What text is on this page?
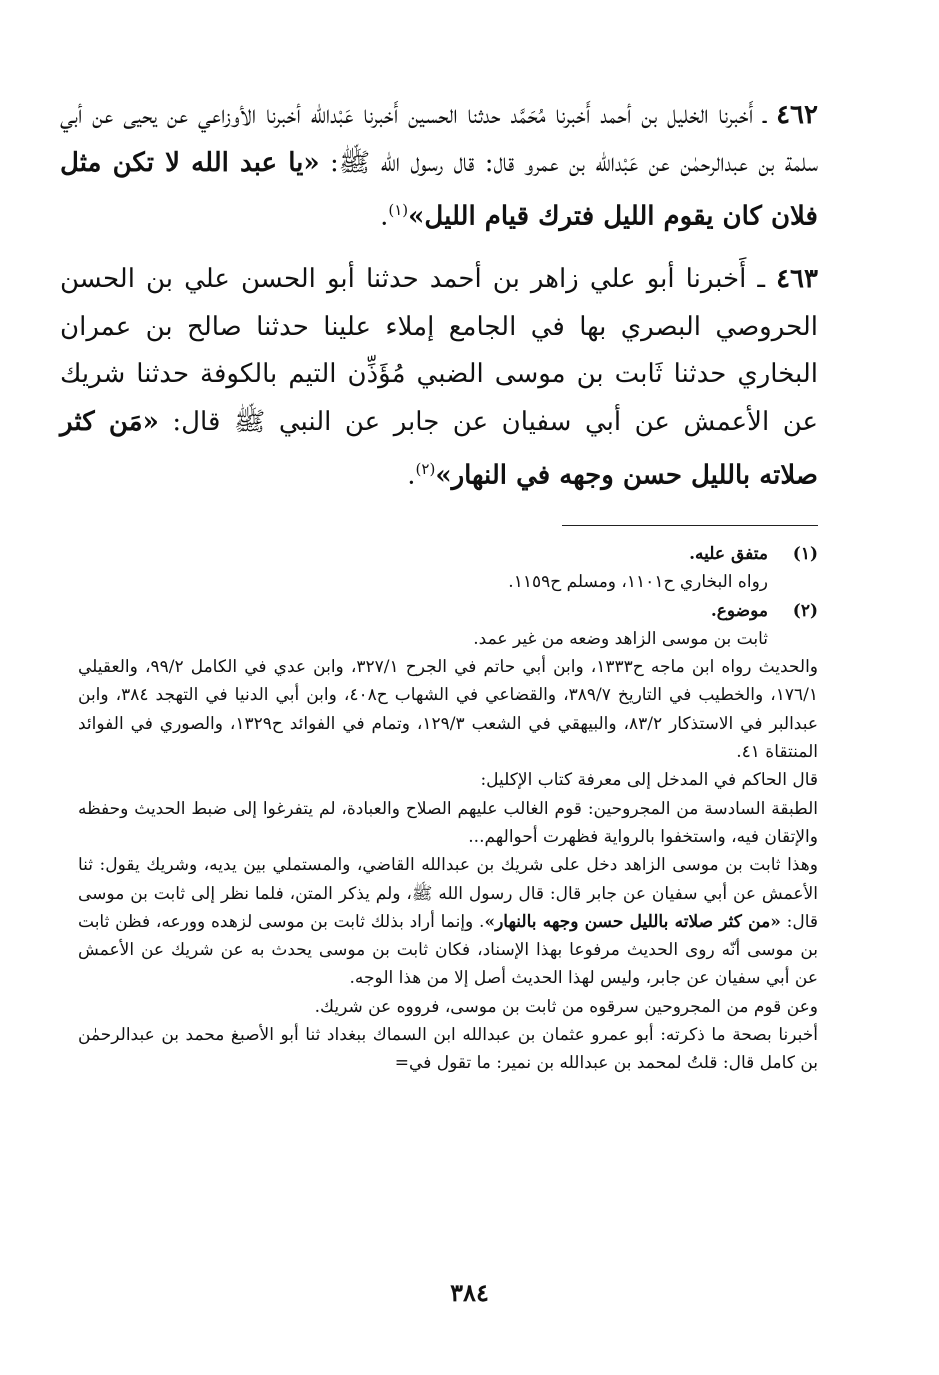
٤٦٢ ـ أَخبرنا الخليل بن أحمد أَخبرنا مُحَمَّد حدثنا الحسين أَخبرنا عَبْدالله أخبرنا الأوزاعي عن يحيى عن أبي سلمة بن عبدالرحمٰن عن عَبْدالله بن عمرو قال: قال رسول الله ﷺ: «يا عبد الله لا تكن مثل فلان كان يقوم الليل فترك قيام الليل»$^{(١)}$.

٤٦٣ ـ أَخبرنا أبو علي زاهر بن أحمد حدثنا أبو الحسن علي بن الحسن الحروصي البصري بها في الجامع إملاء علينا حدثنا صالح بن عمران البخاري حدثنا ثَابت بن موسى الضبي مُؤَذِّن التيم بالكوفة حدثنا شريك عن الأعمش عن أبي سفيان عن جابر عن النبي ﷺ قال: «مَن كثر صلاته بالليل حسن وجهه في النهار»$^{(٢)}$.

(١)متفق عليه.
رواه البخاري ح١١٠١، ومسلم ح١١٥٩.
(٢)موضوع.
ثابت بن موسى الزاهد وضعه من غير عمد.
والحديث رواه ابن ماجه ح١٣٣٣، وابن أبي حاتم في الجرح ٣٢٧/١، وابن عدي في الكامل ٩٩/٢، والعقيلي ١٧٦/١، والخطيب في التاريخ ٣٨٩/٧، والقضاعي في الشهاب ح٤٠٨، وابن أبي الدنيا في التهجد ٣٨٤، وابن عبدالبر في الاستذكار ٨٣/٢، والبيهقي في الشعب ١٢٩/٣، وتمام في الفوائد ح١٣٢٩، والصوري في الفوائد المنتقاة ٤١.
قال الحاكم في المدخل إلى معرفة كتاب الإكليل:
الطبقة السادسة من المجروحين: قوم الغالب عليهم الصلاح والعبادة، لم يتفرغوا إلى ضبط الحديث وحفظه والإتقان فيه، واستخفوا بالرواية فظهرت أحوالهم...
وهذا ثابت بن موسى الزاهد دخل على شريك بن عبدالله القاضي، والمستملي بين يديه، وشريك يقول: ثنا الأعمش عن أبي سفيان عن جابر قال: قال رسول الله ﷺ، ولم يذكر المتن، فلما نظر إلى ثابت بن موسى قال: «من كثر صلاته بالليل حسن وجهه بالنهار». وإنما أراد بذلك ثابت بن موسى لزهده وورعه، فظن ثابت بن موسى أنّه روى الحديث مرفوعا بهذا الإسناد، فكان ثابت بن موسى يحدث به عن شريك عن الأعمش عن أبي سفيان عن جابر، وليس لهذا الحديث أصل إلا من هذا الوجه.
وعن قوم من المجروحين سرقوه من ثابت بن موسى، فرووه عن شريك.
أخبرنا بصحة ما ذكرته: أبو عمرو عثمان بن عبدالله ابن السماك ببغداد ثنا أبو الأصبغ محمد بن عبدالرحمٰن بن كامل قال: قلتُ لمحمد بن عبدالله بن نمير: ما تقول في=
٣٨٤
